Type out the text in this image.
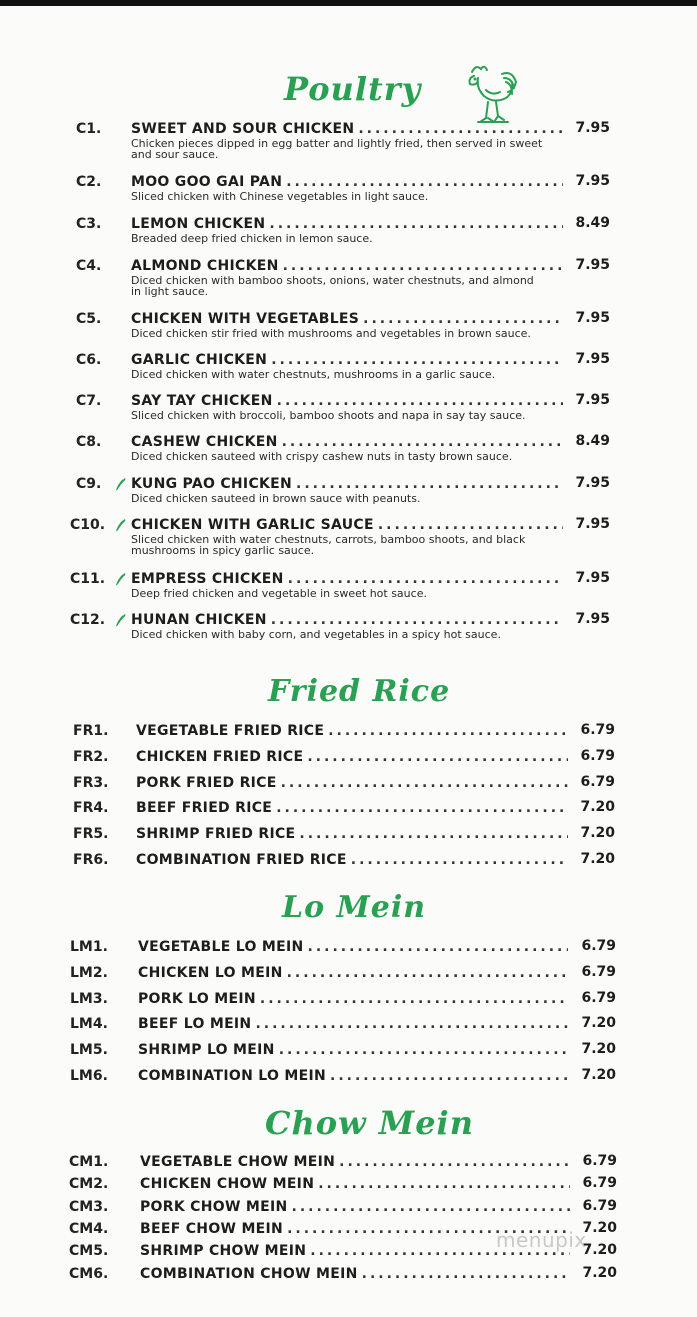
Poultry
C1. SWEET AND SOUR CHICKEN .....	7.95
Chicken pieces dipped in egg batter and lightly fried, then served in sweet
and sour sauce.
C2. MOO GOO GAI PAN .....	7.95
Sliced chicken with Chinese vegetables in light sauce.
C3. LEMON CHICKEN .....	8.49
Breaded deep fried chicken in lemon sauce.
C4. ALMOND CHICKEN .....	7.95
Diced chicken with bamboo shoots, onions, water chestnuts, and almond
in light sauce.
C5. CHICKEN WITH VEGETABLES .....	7.95
Diced chicken stir fried with mushrooms and vegetables in brown sauce.
C6. GARLIC CHICKEN .....	7.95
Diced chicken with water chestnuts, mushrooms in a garlic sauce.
C7. SAY TAY CHICKEN .....	7.95
Sliced chicken with broccoli, bamboo shoots and napa in say tay sauce.
C8. CASHEW CHICKEN .....	8.49
Diced chicken sauteed with crispy cashew nuts in tasty brown sauce.
C9. KUNG PAO CHICKEN .....	7.95
Diced chicken sauteed in brown sauce with peanuts.
C10. CHICKEN WITH GARLIC SAUCE .....	7.95
Sliced chicken with water chestnuts, carrots, bamboo shoots, and black
mushrooms in spicy garlic sauce.
C11. EMPRESS CHICKEN .....	7.95
Deep fried chicken and vegetable in sweet hot sauce.
C12. HUNAN CHICKEN .....	7.95
Diced chicken with baby corn, and vegetables in a spicy hot sauce.
Fried Rice
FR1. VEGETABLE FRIED RICE .....	6.79
FR2. CHICKEN FRIED RICE .....	6.79
FR3. PORK FRIED RICE .....	6.79
FR4. BEEF FRIED RICE .....	7.20
FR5. SHRIMP FRIED RICE .....	7.20
FR6. COMBINATION FRIED RICE .....	7.20
Lo Mein
LM1. VEGETABLE LO MEIN .....	6.79
LM2. CHICKEN LO MEIN .....	6.79
LM3. PORK LO MEIN .....	6.79
LM4. BEEF LO MEIN .....	7.20
LM5. SHRIMP LO MEIN .....	7.20
LM6. COMBINATION LO MEIN .....	7.20
Chow Mein
CM1. VEGETABLE CHOW MEIN .....	6.79
CM2. CHICKEN CHOW MEIN .....	6.79
CM3. PORK CHOW MEIN .....	6.79
CM4. BEEF CHOW MEIN .....	7.20
CM5. SHRIMP CHOW MEIN .....	7.20
CM6. COMBINATION CHOW MEIN .....	7.20
menupix
